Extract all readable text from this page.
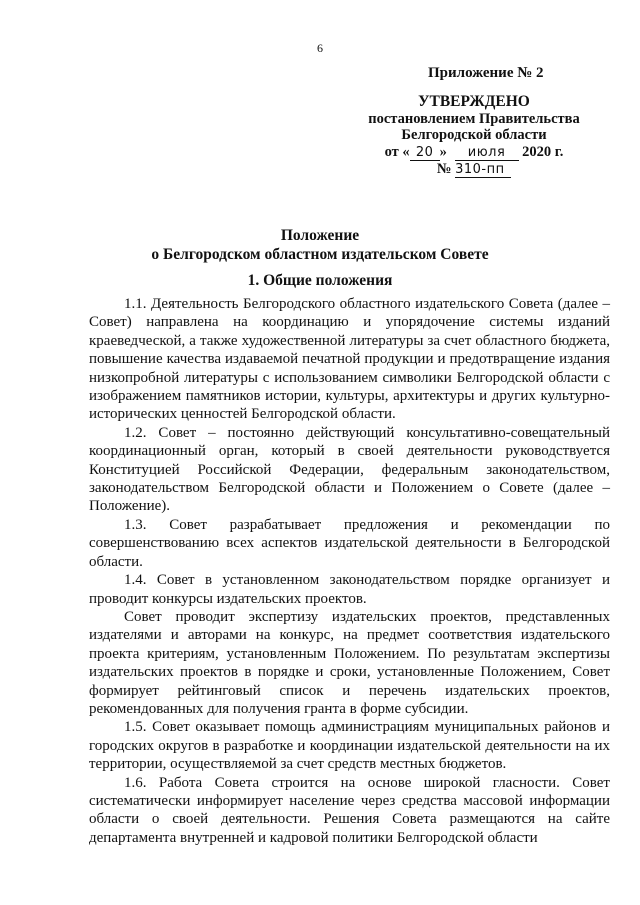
6
Приложение № 2
УТВЕРЖДЕНО
постановлением Правительства
Белгородской области
от « 20 » июля 2020 г.
№ 310-пп
Положение
о Белгородском областном издательском Совете
1. Общие положения

1.1. Деятельность Белгородского областного издательского Совета (далее – Совет) направлена на координацию и упорядочение системы изданий краеведческой, а также художественной литературы за счет областного бюджета, повышение качества издаваемой печатной продукции и предотвращение издания низкопробной литературы с использованием символики Белгородской области с изображением памятников истории, культуры, архитектуры и других культурно-исторических ценностей Белгородской области.

1.2. Совет – постоянно действующий консультативно-совещательный координационный орган, который в своей деятельности руководствуется Конституцией Российской Федерации, федеральным законодательством, законодательством Белгородской области и Положением о Совете (далее – Положение).

1.3. Совет разрабатывает предложения и рекомендации по совершенствованию всех аспектов издательской деятельности в Белгородской области.

1.4. Совет в установленном законодательством порядке организует и проводит конкурсы издательских проектов.

Совет проводит экспертизу издательских проектов, представленных издателями и авторами на конкурс, на предмет соответствия издательского проекта критериям, установленным Положением. По результатам экспертизы издательских проектов в порядке и сроки, установленные Положением, Совет формирует рейтинговый список и перечень издательских проектов, рекомендованных для получения гранта в форме субсидии.

1.5. Совет оказывает помощь администрациям муниципальных районов и городских округов в разработке и координации издательской деятельности на их территории, осуществляемой за счет средств местных бюджетов.

1.6. Работа Совета строится на основе широкой гласности. Совет систематически информирует население через средства массовой информации области о своей деятельности. Решения Совета размещаются на сайте департамента внутренней и кадровой политики Белгородской области
